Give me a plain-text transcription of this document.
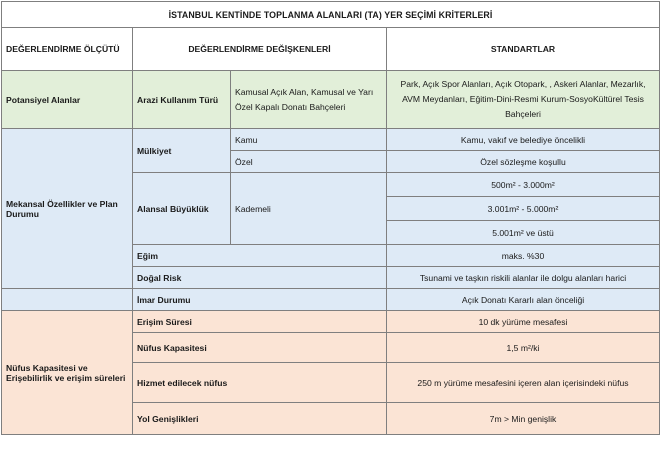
İSTANBUL KENTİNDE TOPLANMA ALANLARI (TA) YER SEÇİMİ KRİTERLERİ			
DEĞERLENDİRME ÖLÇÜTÜ	DEĞERLENDİRME DEĞİŞKENLERİ		STANDARTLAR
Potansiyel Alanlar	Arazi Kullanım Türü	Kamusal Açık Alan, Kamusal ve Yarı Özel Kapalı Donatı Bahçeleri	Park, Açık Spor Alanları, Açık Otopark, , Askeri Alanlar, Mezarlık, AVM Meydanları, Eğitim-Dini-Resmi Kurum-SosyoKültürel Tesis Bahçeleri
Mekansal Özellikler ve Plan Durumu	Mülkiyet	Kamu	Kamu, vakıf ve belediye öncelikli
		Özel	Özel sözleşme koşullu
	Alansal Büyüklük	Kademeli	500m² - 3.000m²
			3.001m² - 5.000m²
			5.001m² ve üstü
	Eğim		maks. %30
	Doğal Risk		Tsunami ve taşkın riskili alanlar ile dolgu alanları harici
	İmar Durumu		Açık Donatı Kararlı alan önceliği
Nüfus Kapasitesi ve Erişebilirlik ve erişim süreleri	Erişim Süresi		10 dk yürüme mesafesi
	Nüfus Kapasitesi		1,5 m²/ki
	Hizmet edilecek nüfus		250 m yürüme mesafesini içeren alan içerisindeki nüfus
	Yol Genişlikleri		7m > Min genişlik
